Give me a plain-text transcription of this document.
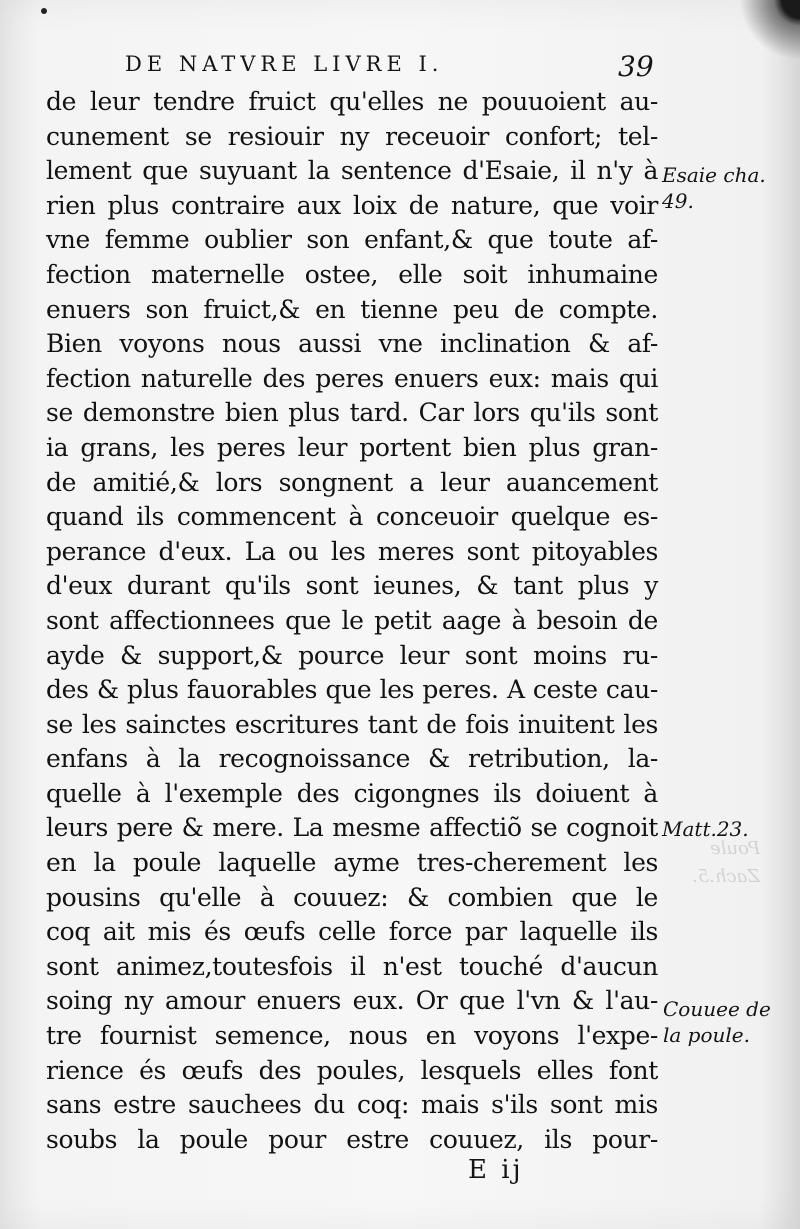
DE NATVRE LIVRE I.	39
de leur tendre fruict qu'elles ne pouuoient au-
cunement se resiouir ny receuoir confort; tel-
lement que suyuant la sentence d'Esaie, il n'y à
rien plus contraire aux loix de nature, que voir
vne femme oublier son enfant,& que toute af-
fection maternelle ostee, elle soit inhumaine
enuers son fruict,& en tienne peu de compte.
Bien voyons nous aussi vne inclination & af-
fection naturelle des peres enuers eux: mais qui
se demonstre bien plus tard. Car lors qu'ils sont
ia grans, les peres leur portent bien plus gran-
de amitié,& lors songnent a leur auancement
quand ils commencent à conceuoir quelque es-
perance d'eux. La ou les meres sont pitoyables
d'eux durant qu'ils sont ieunes, & tant plus y
sont affectionnees que le petit aage à besoin de
ayde & support,& pource leur sont moins ru-
des & plus fauorables que les peres. A ceste cau-
se les sainctes escritures tant de fois inuitent les
enfans à la recognoissance & retribution, la-
quelle à l'exemple des cigongnes ils doiuent à
leurs pere & mere. La mesme affectiõ se cognoit
en la poule laquelle ayme tres-cherement les
pousins qu'elle à couuez: & combien que le
coq ait mis és œufs celle force par laquelle ils
sont animez,toutesfois il n'est touché d'aucun
soing ny amour enuers eux. Or que l'vn & l'au-
tre fournist semence, nous en voyons l'expe-
rience és œufs des poules, lesquels elles font
sans estre sauchees du coq: mais s'ils sont mis
soubs la poule pour estre couuez, ils pour-
Esaie cha.
49.
Matt.23.
Couuee de
la poule.
Poule
Zach.5.
E ij
